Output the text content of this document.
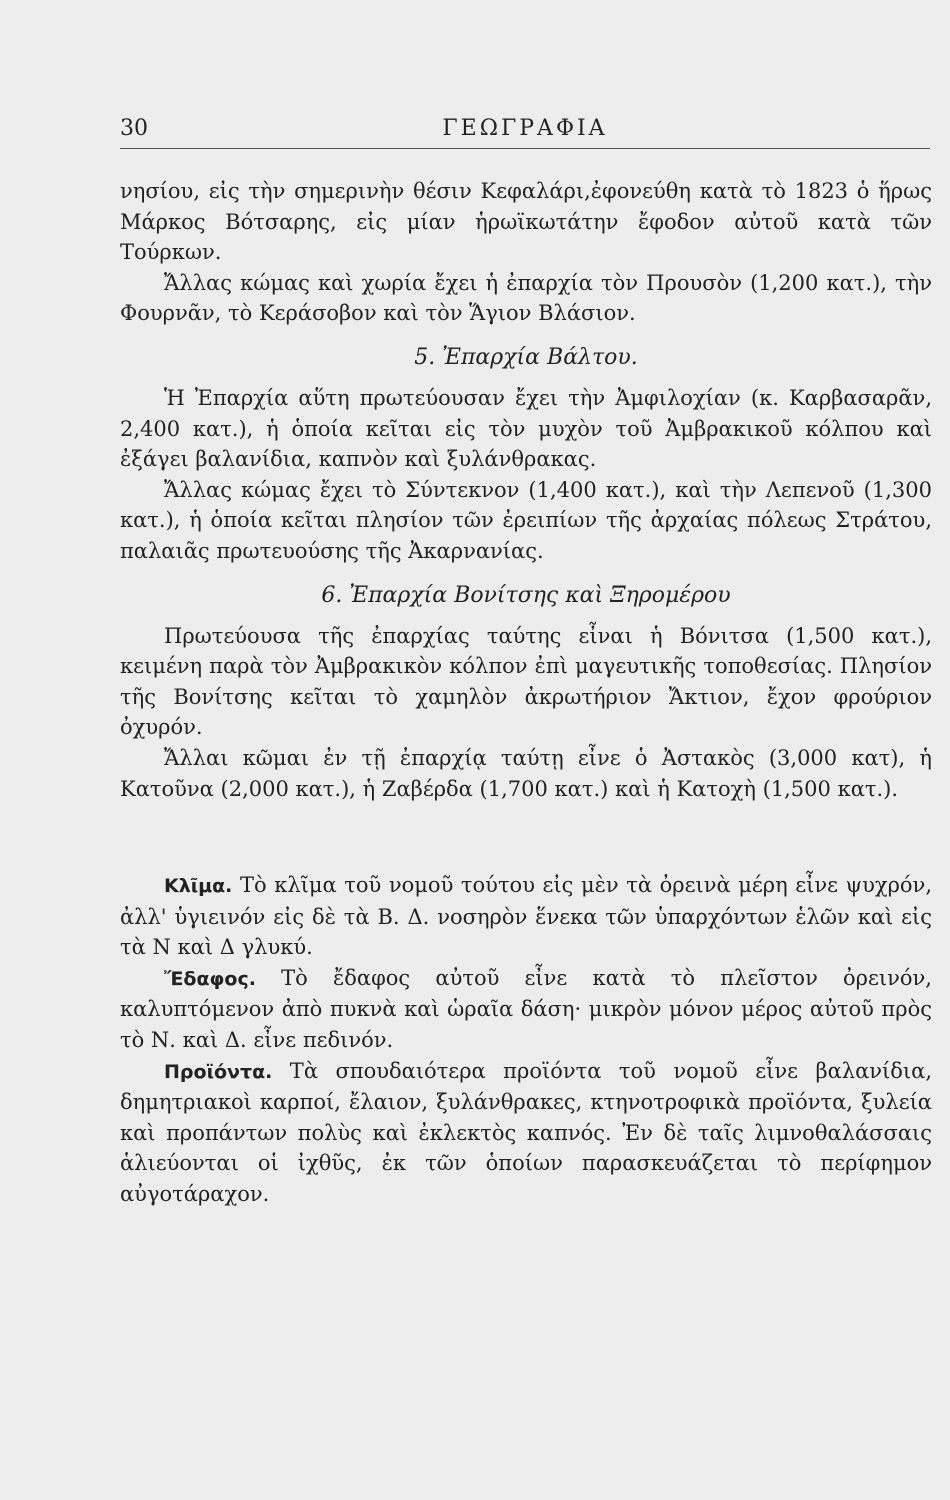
30	ΓΕΩΓΡΑΦΙΑ

νησίου, εἰς τὴν σημερινὴν θέσιν Κεφαλάρι,ἐφονεύθη κατὰ τὸ 1823 ὁ ἥρως Μάρκος Βότσαρης, εἰς μίαν ἡρωϊκωτάτην ἔφοδον αὐτοῦ κατὰ τῶν Τούρκων.

Ἄλλας κώμας καὶ χωρία ἔχει ἡ ἐπαρχία τὸν Προυσὸν (1,200 κατ.), τὴν Φουρνᾶν, τὸ Κεράσοβον καὶ τὸν Ἅγιον Βλάσιον.

5. Ἐπαρχία Βάλτου.

Ἡ Ἐπαρχία αὕτη πρωτεύουσαν ἔχει τὴν Ἀμφιλοχίαν (κ. Καρβασαρᾶν, 2,400 κατ.), ἡ ὁποία κεῖται εἰς τὸν μυχὸν τοῦ Ἀμβρακικοῦ κόλπου καὶ ἐξάγει βαλανίδια, καπνὸν καὶ ξυλάνθρακας.

Ἄλλας κώμας ἔχει τὸ Σύντεκνον (1,400 κατ.), καὶ τὴν Λεπενοῦ (1,300 κατ.), ἡ ὁποία κεῖται πλησίον τῶν ἐρειπίων τῆς ἀρχαίας πόλεως Στράτου, παλαιᾶς πρωτευούσης τῆς Ἀκαρνανίας.

6. Ἐπαρχία Βονίτσης καὶ Ξηρομέρου

Πρωτεύουσα τῆς ἐπαρχίας ταύτης εἶναι ἡ Βόνιτσα (1,500 κατ.), κειμένη παρὰ τὸν Ἀμβρακικὸν κόλπον ἐπὶ μαγευτικῆς τοποθεσίας. Πλησίον τῆς Βονίτσης κεῖται τὸ χαμηλὸν ἀκρωτήριον Ἄκτιον, ἔχον φρούριον ὀχυρόν.

Ἄλλαι κῶμαι ἐν τῇ ἐπαρχίᾳ ταύτῃ εἶνε ὁ Ἀστακὸς (3,000 κατ), ἡ Κατοῦνα (2,000 κατ.), ἡ Ζαβέρδα (1,700 κατ.) καὶ ἡ Κατοχὴ (1,500 κατ.).

Κλῖμα. Τὸ κλῖμα τοῦ νομοῦ τούτου εἰς μὲν τὰ ὀρεινὰ μέρη εἶνε ψυχρόν, ἀλλ' ὑγιεινόν εἰς δὲ τὰ Β. Δ. νοσηρὸν ἕνεκα τῶν ὑπαρχόντων ἑλῶν καὶ εἰς τὰ Ν καὶ Δ γλυκύ.

Ἔδαφος. Τὸ ἔδαφος αὐτοῦ εἶνε κατὰ τὸ πλεῖστον ὀρεινόν, καλυπτόμενον ἀπὸ πυκνὰ καὶ ὡραῖα δάση· μικρὸν μόνον μέρος αὐτοῦ πρὸς τὸ Ν. καὶ Δ. εἶνε πεδινόν.

Προϊόντα. Τὰ σπουδαιότερα προϊόντα τοῦ νομοῦ εἶνε βαλανίδια, δημητριακοὶ καρποί, ἔλαιον, ξυλάνθρακες, κτηνοτροφικὰ προϊόντα, ξυλεία καὶ προπάντων πολὺς καὶ ἐκλεκτὸς καπνός. Ἐν δὲ ταῖς λιμνοθαλάσσαις ἁλιεύονται οἱ ἰχθῦς, ἐκ τῶν ὁποίων παρασκευάζεται τὸ περίφημον αὐγοτάραχον.
